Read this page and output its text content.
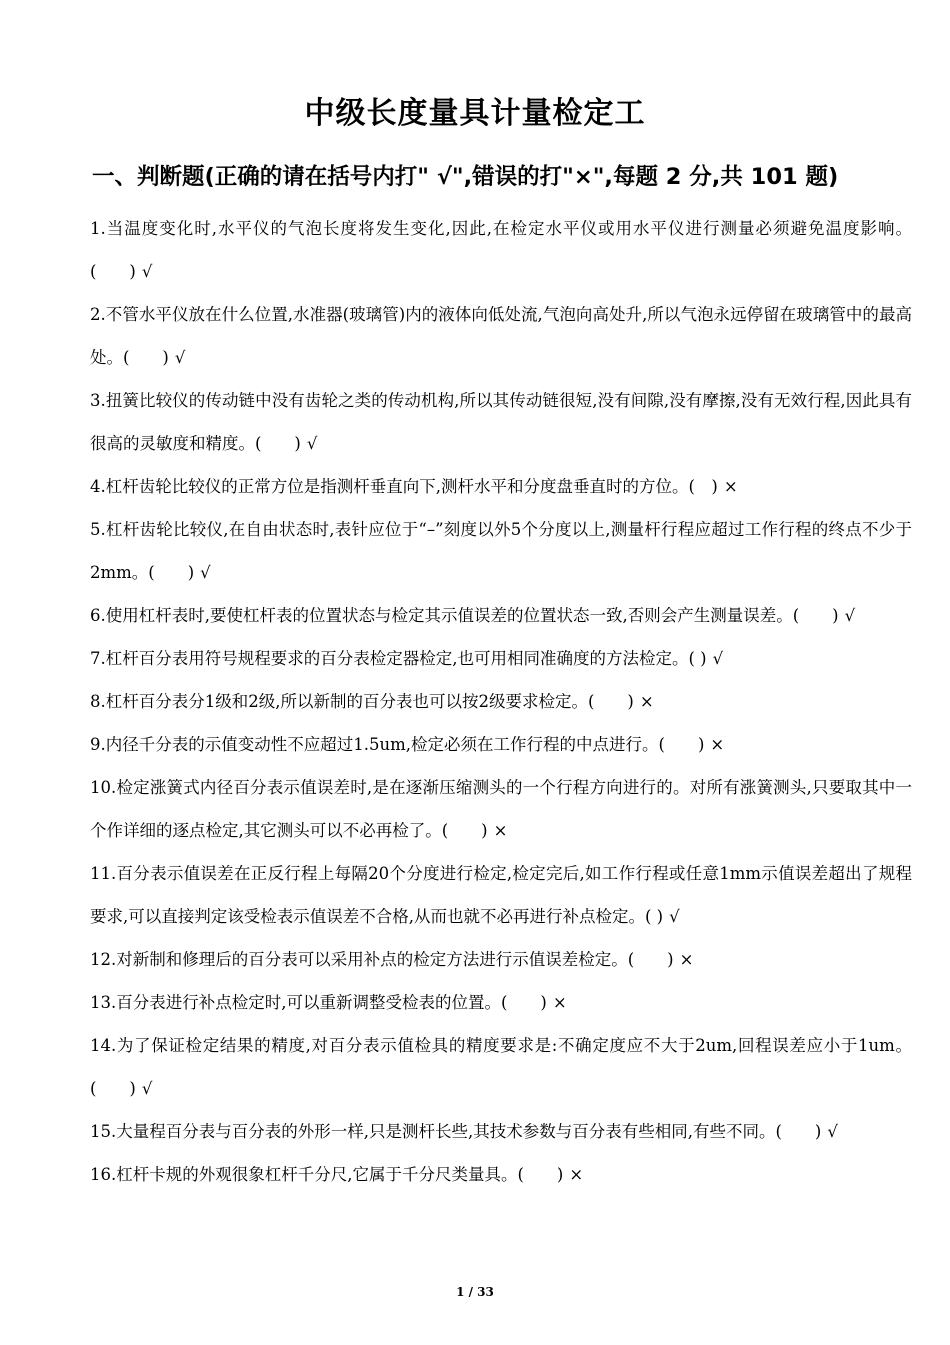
中级长度量具计量检定工
一、判断题(正确的请在括号内打" √",错误的打"×",每题 2 分,共 101 题)
1.当温度变化时,水平仪的气泡长度将发生变化,因此,在检定水平仪或用水平仪进行测量必须避免温度影响。(　　) √
2.不管水平仪放在什么位置,水准器(玻璃管)内的液体向低处流,气泡向高处升,所以气泡永远停留在玻璃管中的最高处。(　　) √
3.扭簧比较仪的传动链中没有齿轮之类的传动机构,所以其传动链很短,没有间隙,没有摩擦,没有无效行程,因此具有很高的灵敏度和精度。(　　) √
4.杠杆齿轮比较仪的正常方位是指测杆垂直向下,测杆水平和分度盘垂直时的方位。(　) ×
5.杠杆齿轮比较仪,在自由状态时,表针应位于“–”刻度以外5个分度以上,测量杆行程应超过工作行程的终点不少于2mm。(　　) √
6.使用杠杆表时,要使杠杆表的位置状态与检定其示值误差的位置状态一致,否则会产生测量误差。(　　) √
7.杠杆百分表用符号规程要求的百分表检定器检定,也可用相同准确度的方法检定。( ) √
8.杠杆百分表分1级和2级,所以新制的百分表也可以按2级要求检定。(　　) ×
9.内径千分表的示值变动性不应超过1.5um,检定必须在工作行程的中点进行。(　　) ×
10.检定涨簧式内径百分表示值误差时,是在逐渐压缩测头的一个行程方向进行的。对所有涨簧测头,只要取其中一个作详细的逐点检定,其它测头可以不必再检了。(　　) ×
11.百分表示值误差在正反行程上每隔20个分度进行检定,检定完后,如工作行程或任意1mm示值误差超出了规程要求,可以直接判定该受检表示值误差不合格,从而也就不必再进行补点检定。( ) √
12.对新制和修理后的百分表可以采用补点的检定方法进行示值误差检定。(　　) ×
13.百分表进行补点检定时,可以重新调整受检表的位置。(　　) ×
14.为了保证检定结果的精度,对百分表示值检具的精度要求是:不确定度应不大于2um,回程误差应小于1um。(　　) √
15.大量程百分表与百分表的外形一样,只是测杆长些,其技术参数与百分表有些相同,有些不同。(　　) √
16.杠杆卡规的外观很象杠杆千分尺,它属于千分尺类量具。(　　) ×
1 / 33
